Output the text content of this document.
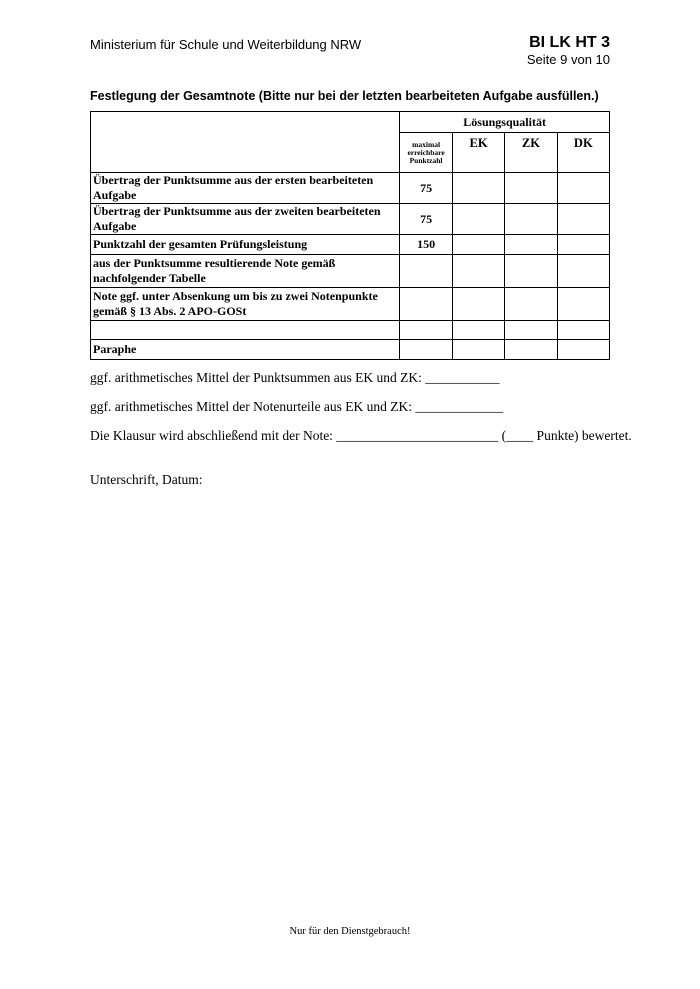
Ministerium für Schule und Weiterbildung NRW	BI LK HT 3
Seite 9 von 10
Festlegung der Gesamtnote (Bitte nur bei der letzten bearbeiteten Aufgabe ausfüllen.)
	Lösungsqualität			
	maximal erreichbare Punktzahl	EK	ZK	DK
Übertrag der Punktsumme aus der ersten bearbeiteten Aufgabe	75			
Übertrag der Punktsumme aus der zweiten bearbeiteten Aufgabe	75			
Punktzahl der gesamten Prüfungsleistung	150			
aus der Punktsumme resultierende Note gemäß nachfolgender Tabelle				
Note ggf. unter Absenkung um bis zu zwei Notenpunkte gemäß § 13 Abs. 2 APO-GOSt				

Paraphe				
ggf. arithmetisches Mittel der Punktsummen aus EK und ZK: ___________
ggf. arithmetisches Mittel der Notenurteile aus EK und ZK: _____________
Die Klausur wird abschließend mit der Note: ________________________ (____ Punkte) bewertet.
Unterschrift, Datum:
Nur für den Dienstgebrauch!
